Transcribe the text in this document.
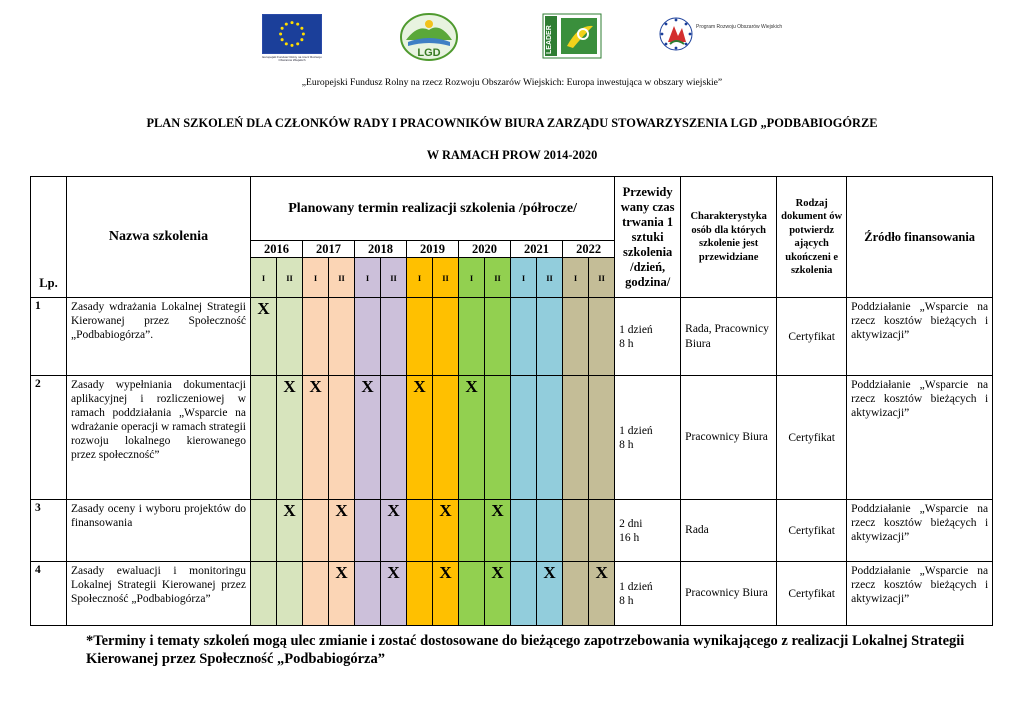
Europejski Fundusz Rolny na rzecz Rozwoju Obszarów Wiejskich
LGD	LEADER	Program Rozwoju Obszarów Wiejskich
„Europejski Fundusz Rolny na rzecz Rozwoju Obszarów Wiejskich: Europa inwestująca w obszary wiejskie”
PLAN SZKOLEŃ DLA CZŁONKÓW RADY I PRACOWNIKÓW BIURA ZARZĄDU STOWARZYSZENIA LGD „PODBABIOGÓRZE
W RAMACH PROW 2014-2020
Lp.	Nazwa szkolenia	Planowany termin realizacji szkolenia /półrocze/														Przewidy wany czas trwania 1 sztuki szkolenia /dzień, godzina/	Charakterystyka osób dla których szkolenie jest przewidziane	Rodzaj dokument ów potwierdz ających ukończeni e szkolenia	Źródło finansowania
		2016		2017		2018		2019		2020		2021		2022					
		I	II	I	II	I	II	I	II	I	II	I	II	I	II				
1	Zasady wdrażania Lokalnej Strategii Kierowanej przez Społeczność „Podbabiogórza”.	X														1 dzień
8 h	Rada, Pracownicy Biura	Certyfikat	Poddziałanie „Wsparcie na rzecz kosztów bieżących i aktywizacji”

2	Zasady wypełniania dokumentacji aplikacyjnej i rozliczeniowej w ramach poddziałania „Wsparcie na wdrażanie operacji w ramach strategii rozwoju lokalnego kierowanego przez społeczność”		X	X		X		X		X						1 dzień
8 h	Pracownicy Biura	Certyfikat	Poddziałanie „Wsparcie na rzecz kosztów bieżących i aktywizacji”

3	Zasady oceny i wyboru projektów do finansowania		X		X		X		X		X					2 dni
16 h	Rada	Certyfikat	Poddziałanie „Wsparcie na rzecz kosztów bieżących i aktywizacji”

4	Zasady ewaluacji i monitoringu Lokalnej Strategii Kierowanej przez Społeczność „Podbabiogórza”				X		X		X		X		X		X	1 dzień
8 h	Pracownicy Biura	Certyfikat	Poddziałanie „Wsparcie na rzecz kosztów bieżących i aktywizacji”
*Terminy i tematy szkoleń mogą ulec zmianie i zostać dostosowane do bieżącego zapotrzebowania wynikającego z realizacji Lokalnej Strategii Kierowanej przez Społeczność „Podbabiogórza”
